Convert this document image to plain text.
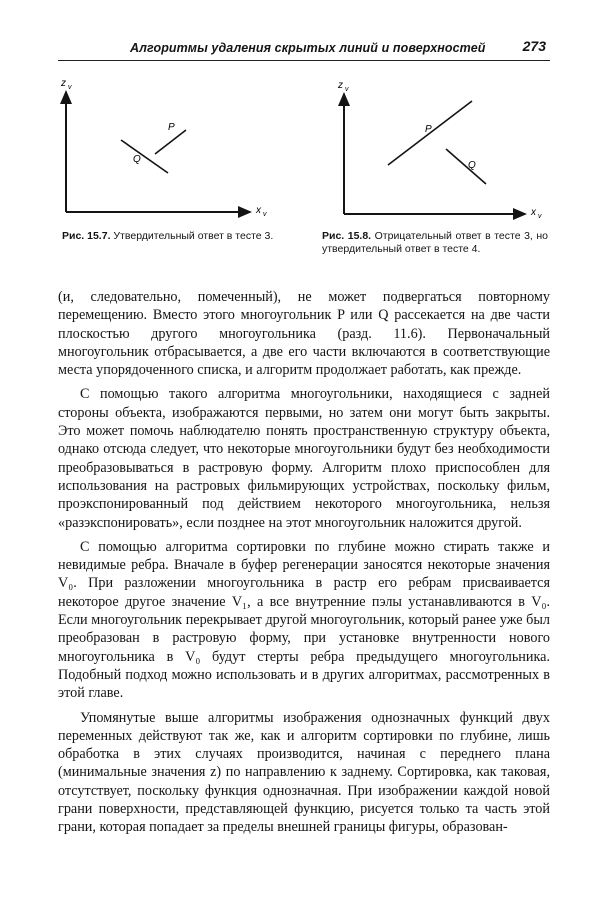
Алгоритмы удаления скрытых линий и поверхностей	273
z v
x v
P
Q
Рис. 15.7. Утвердительный ответ в тесте 3.
z v
x v
P
Q
Рис. 15.8. Отрицательный ответ в тесте 3, но утвердительный ответ в тесте 4.

(и, следовательно, помеченный), не может подвергаться повторному перемещению. Вместо этого многоугольник P или Q рассекается на две части плоскостью другого многоугольника (разд. 11.6). Первоначальный многоугольник отбрасывается, а две его части включаются в соответствующие места упорядоченного списка, и алгоритм продолжает работать, как прежде.

С помощью такого алгоритма многоугольники, находящиеся с задней стороны объекта, изображаются первыми, но затем они могут быть закрыты. Это может помочь наблюдателю понять пространственную структуру объекта, однако отсюда следует, что некоторые многоугольники будут без необходимости преобразовываться в растровую форму. Алгоритм плохо приспособлен для использования на растровых фильмирующих устройствах, поскольку фильм, проэкспонированный под действием некоторого многоугольника, нельзя «разэкспонировать», если позднее на этот многоугольник наложится другой.

С помощью алгоритма сортировки по глубине можно стирать также и невидимые ребра. Вначале в буфер регенерации заносятся некоторые значения V₀. При разложении многоугольника в растр его ребрам присваивается некоторое другое значение V₁, а все внутренние пэлы устанавливаются в V₀. Если многоугольник перекрывает другой многоугольник, который ранее уже был преобразован в растровую форму, при установке внутренности нового многоугольника в V₀ будут стерты ребра предыдущего многоугольника. Подобный подход можно использовать и в других алгоритмах, рассмотренных в этой главе.

Упомянутые выше алгоритмы изображения однозначных функций двух переменных действуют так же, как и алгоритм сортировки по глубине, лишь обработка в этих случаях производится, начиная с переднего плана (минимальные значения z) по направлению к заднему. Сортировка, как таковая, отсутствует, поскольку функция однозначная. При изображении каждой новой грани поверхности, представляющей функцию, рисуется только та часть этой грани, которая попадает за пределы внешней границы фигуры, образован-
